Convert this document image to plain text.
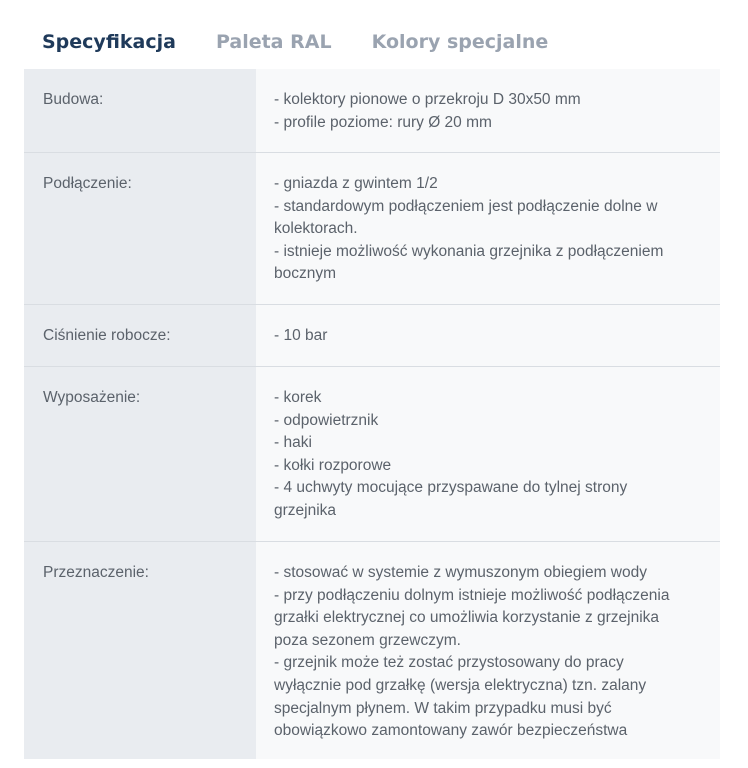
Specyfikacja Paleta RAL Kolory specjalne
Budowa:	- kolektory pionowe o przekroju D 30x50 mm
- profile poziome: rury Ø 20 mm
Podłączenie:	- gniazda z gwintem 1/2
- standardowym podłączeniem jest podłączenie dolne w
kolektorach.
- istnieje możliwość wykonania grzejnika z podłączeniem
bocznym
Ciśnienie robocze:	- 10 bar
Wyposażenie:	- korek
- odpowietrznik
- haki
- kołki rozporowe
- 4 uchwyty mocujące przyspawane do tylnej strony
grzejnika
Przeznaczenie:	- stosować w systemie z wymuszonym obiegiem wody
- przy podłączeniu dolnym istnieje możliwość podłączenia
grzałki elektrycznej co umożliwia korzystanie z grzejnika
poza sezonem grzewczym.
- grzejnik może też zostać przystosowany do pracy
wyłącznie pod grzałkę (wersja elektryczna) tzn. zalany
specjalnym płynem. W takim przypadku musi być
obowiązkowo zamontowany zawór bezpieczeństwa
